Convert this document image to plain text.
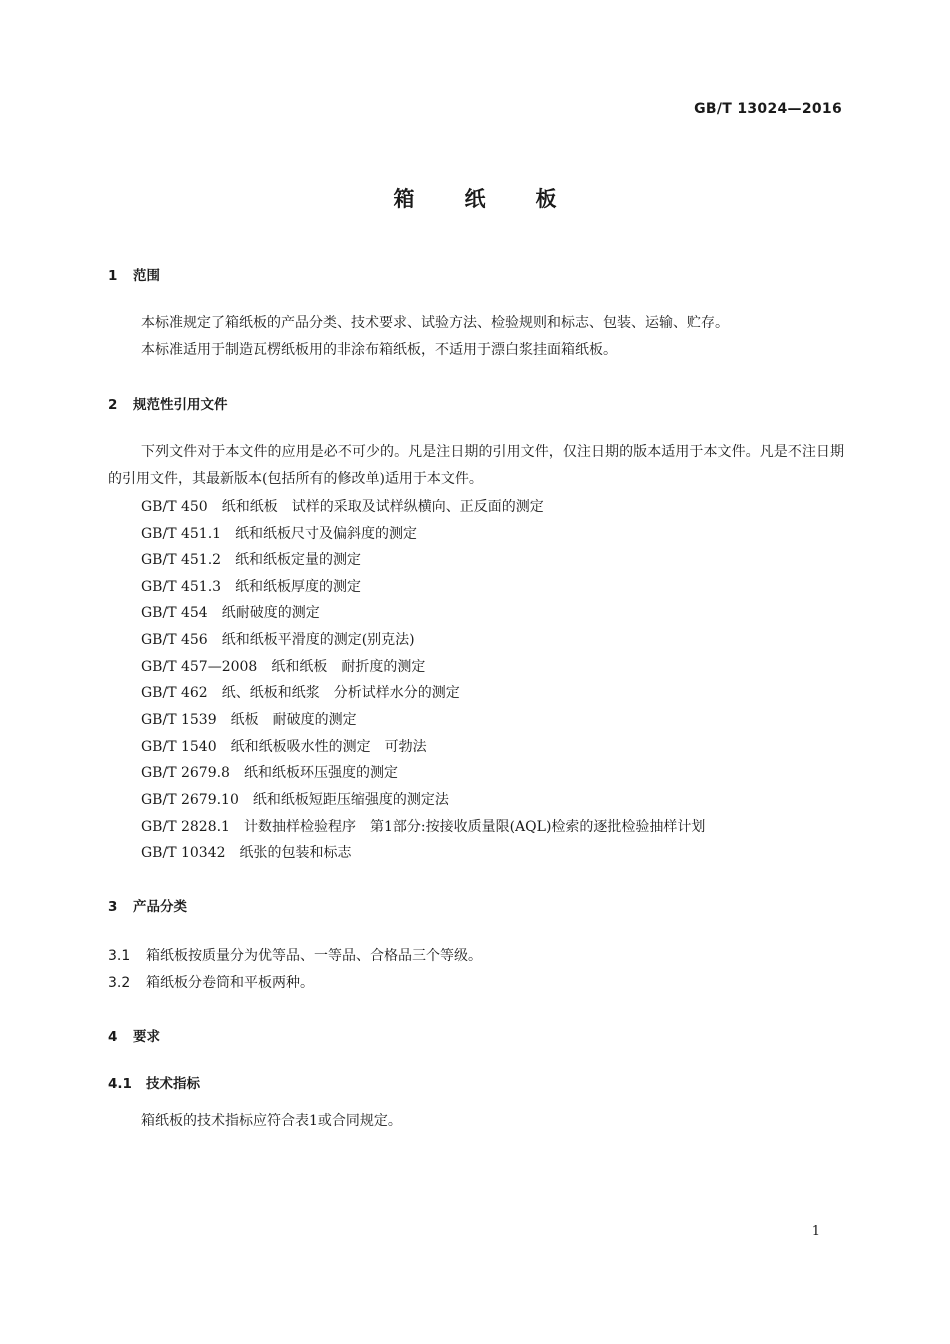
GB/T 13024—2016
箱纸板
1 范围
本标准规定了箱纸板的产品分类、技术要求、试验方法、检验规则和标志、包装、运输、贮存。
本标准适用于制造瓦楞纸板用的非涂布箱纸板，不适用于漂白浆挂面箱纸板。
2 规范性引用文件
下列文件对于本文件的应用是必不可少的。凡是注日期的引用文件，仅注日期的版本适用于本文件。凡是不注日期的引用文件，其最新版本(包括所有的修改单)适用于本文件。
GB/T 450 纸和纸板　试样的采取及试样纵横向、正反面的测定
GB/T 451.1 纸和纸板尺寸及偏斜度的测定
GB/T 451.2 纸和纸板定量的测定
GB/T 451.3 纸和纸板厚度的测定
GB/T 454 纸耐破度的测定
GB/T 456 纸和纸板平滑度的测定(别克法)
GB/T 457—2008 纸和纸板　耐折度的测定
GB/T 462 纸、纸板和纸浆　分析试样水分的测定
GB/T 1539 纸板　耐破度的测定
GB/T 1540 纸和纸板吸水性的测定　可勃法
GB/T 2679.8 纸和纸板环压强度的测定
GB/T 2679.10 纸和纸板短距压缩强度的测定法
GB/T 2828.1 计数抽样检验程序　第1部分:按接收质量限(AQL)检索的逐批检验抽样计划
GB/T 10342 纸张的包装和标志
3 产品分类
3.1 箱纸板按质量分为优等品、一等品、合格品三个等级。
3.2 箱纸板分卷筒和平板两种。
4 要求
4.1 技术指标
箱纸板的技术指标应符合表1或合同规定。
1
